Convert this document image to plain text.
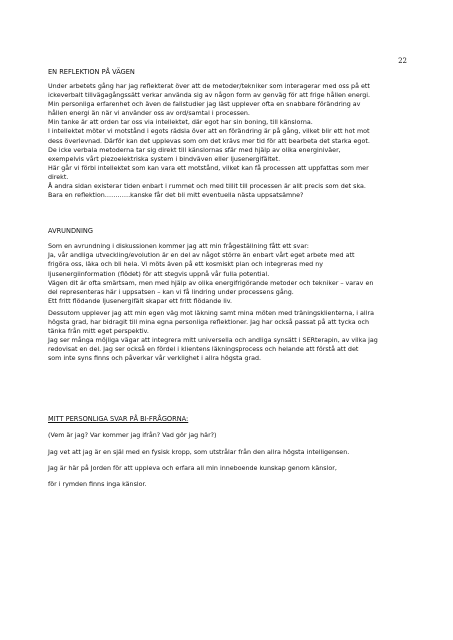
22

EN REFLEKTION PÅ VÄGEN

Under arbetets gång har jag reflekterat över att de metoder/tekniker som interagerar med oss på ett

ickeverbalt tillvägagångssätt verkar använda sig av någon form av genväg för att frige hållen energi.

Min personliga erfarenhet och även de fallstudier jag läst upplever ofta en snabbare förändring av

hållen energi än när vi använder oss av ord/samtal i processen.

Min tanke är att orden tar oss via intellektet, där egot har sin boning, till känslorna.

I intellektet möter vi motstånd i egots rädsla över att en förändring är på gång, vilket blir ett hot mot

dess överlevnad. Därför kan det upplevas som om det krävs mer tid för att bearbeta det starka egot.

De icke verbala metoderna tar sig direkt till känslornas sfär med hjälp av olika energiniväer,

exempelvis vårt piezoelektriska system i bindväven eller ljusenergifältet.

Här går vi förbi intellektet som kan vara ett motstånd, vilket kan få processen att uppfattas som mer

direkt.

Å andra sidan existerar tiden enbart i rummet och med tillit till processen är allt precis som det ska.

Bara en reflektion…………kanske får det bli mitt eventuella nästa uppsatsämne?

AVRUNDNING

Som en avrundning i diskussionen kommer jag att min frågeställning fått ett svar:

Ja, vår andliga utveckling/evolution är en del av något större än enbart vårt eget arbete med att

frigöra oss, läka och bli hela. Vi möts även på ett kosmiskt plan och integreras med ny

ljusenergiinformation (flödet) för att stegvis uppnå vår fulla potential.

Vägen dit är ofta smärtsam, men med hjälp av olika energifrigörande metoder och tekniker – varav en

del representeras här i uppsatsen – kan vi få lindring under processens gång.

Ett fritt flödande ljusenergifält skapar ett fritt flödande liv.

Dessutom upplever jag att min egen väg mot läkning samt mina möten med träningsklienterna, i allra

högsta grad, har bidragit till mina egna personliga reflektioner. Jag har också passat på att tycka och

tänka från mitt eget perspektiv.

Jag ser många möjliga vägar att integrera mitt universella och andliga synsätt i SERterapin, av vilka jag

redovisat en del. Jag ser också en fördel i klientens läkningsprocess och helande att förstå att det

som inte syns finns och påverkar vår verklighet i allra högsta grad.

MITT PERSONLIGA SVAR PÅ BI-FRÅGORNA:

(Vem är jag? Var kommer jag ifrån? Vad gör jag här?)

Jag vet att jag är en själ med en fysisk kropp, som utstrålar från den allra högsta intelligensen.

Jag är här på Jorden för att uppleva och erfara all min inneboende kunskap genom känslor,

för i rymden finns inga känslor.
